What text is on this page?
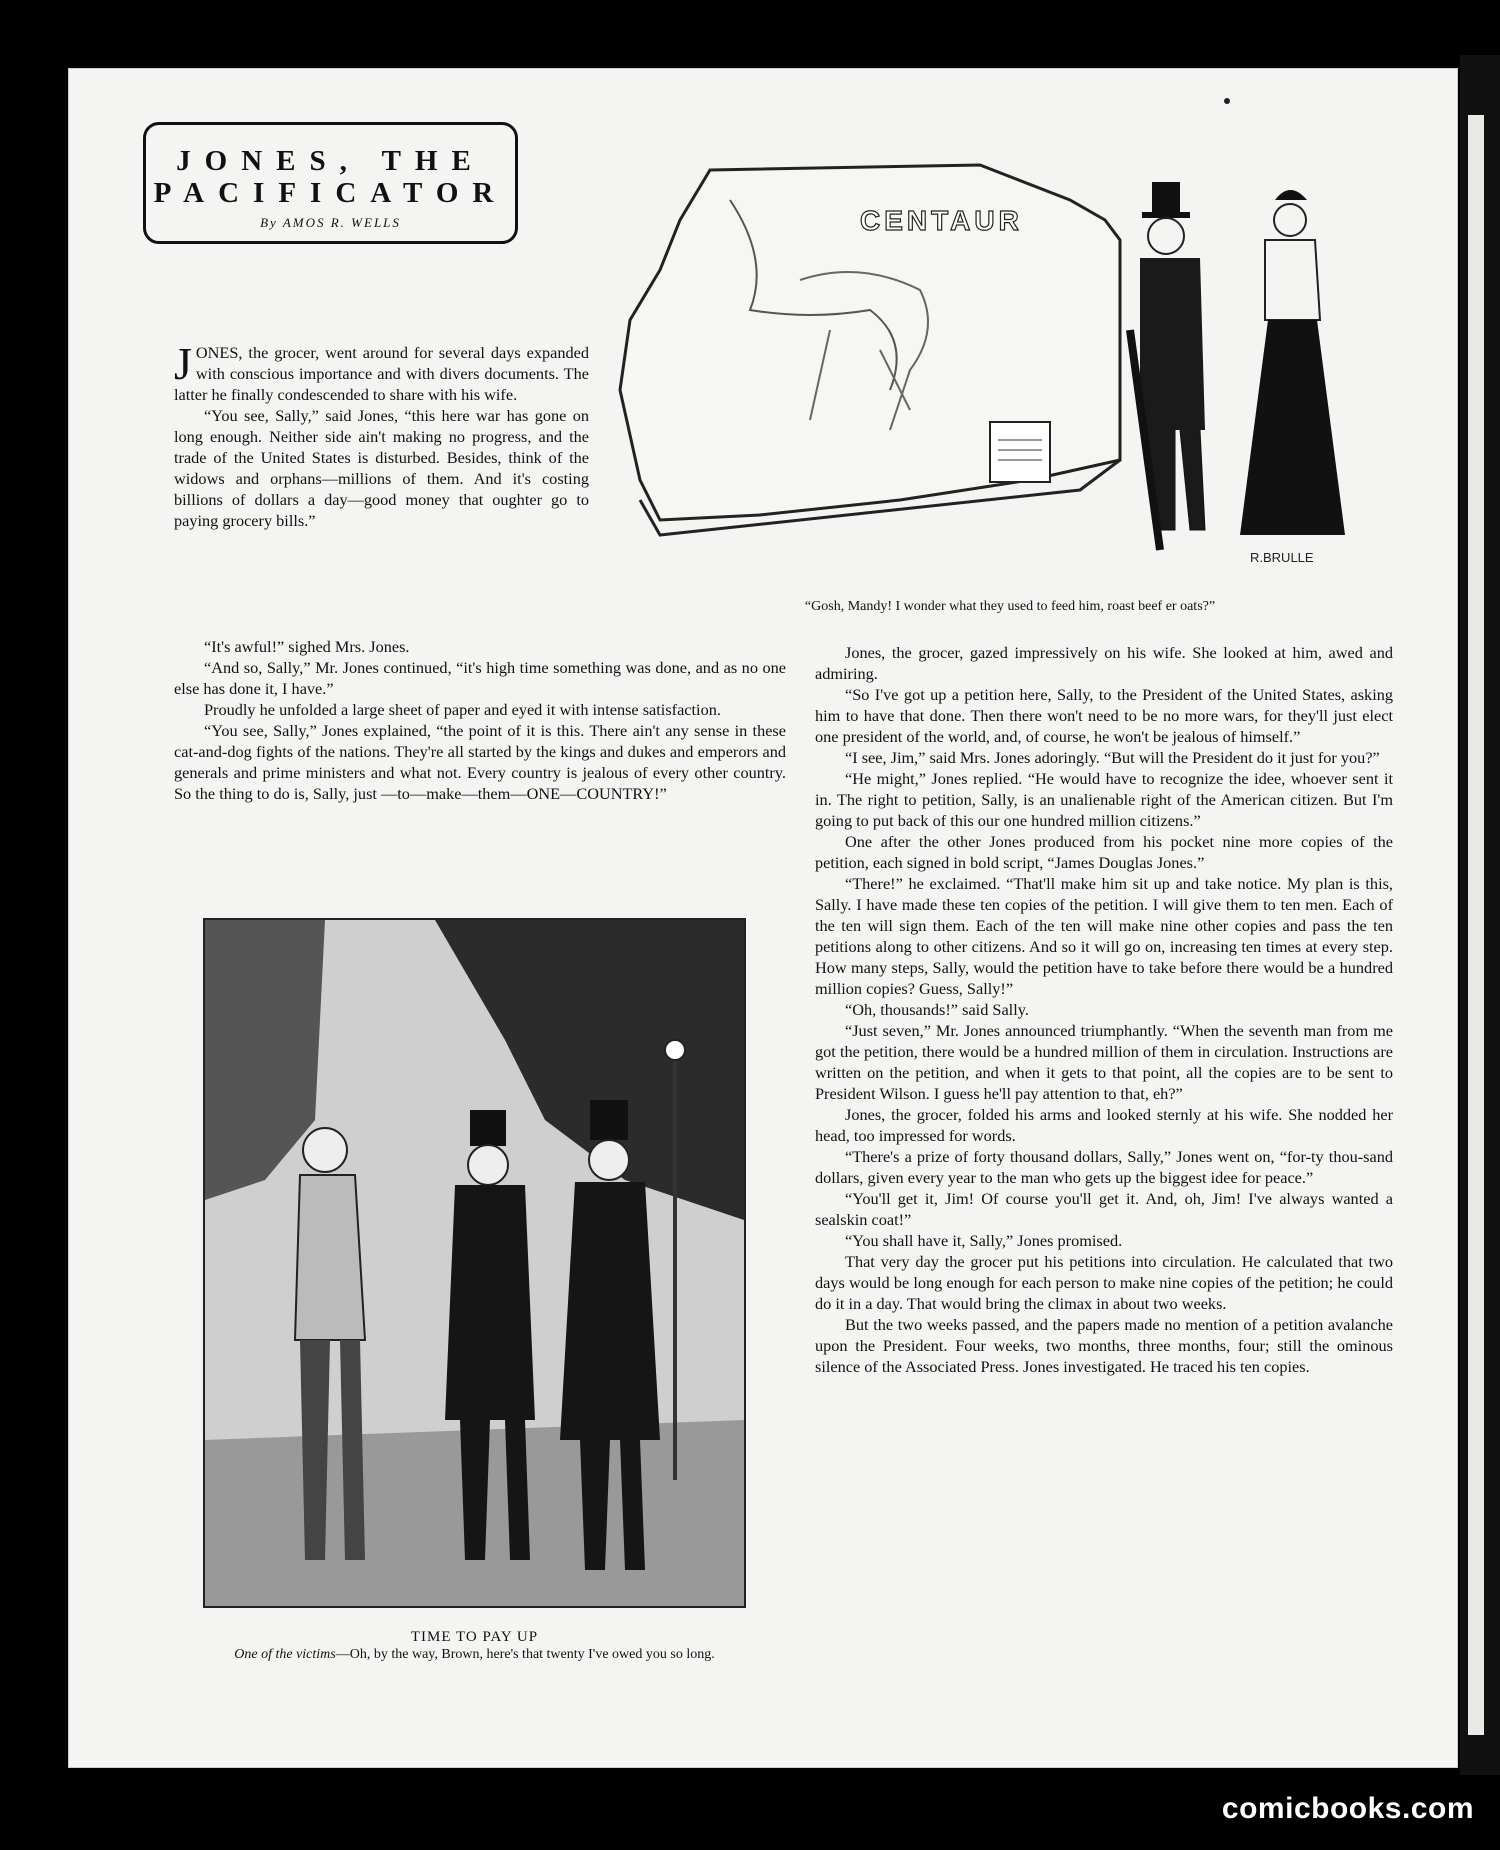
JONES, THE
PACIFICATOR
By AMOS R. WELLS

JONES, the grocer, went around for several days expanded with conscious importance and with divers documents. The latter he finally condescended to share with his wife.

“You see, Sally,” said Jones, “this here war has gone on long enough. Neither side ain't making no progress, and the trade of the United States is disturbed. Besides, think of the widows and orphans—millions of them. And it's costing billions of dollars a day—good money that oughter go to paying grocery bills.”

“It's awful!” sighed Mrs. Jones.

“And so, Sally,” Mr. Jones continued, “it's high time something was done, and as no one else has done it, I have.”

Proudly he unfolded a large sheet of paper and eyed it with intense satisfaction.

“You see, Sally,” Jones explained, “the point of it is this. There ain't any sense in these cat-and-dog fights of the nations. They're all started by the kings and dukes and emperors and generals and prime ministers and what not. Every country is jealous of every other country. So the thing to do is, Sally, just —to—make—them—ONE—COUNTRY!”

Jones, the grocer, gazed impressively on his wife. She looked at him, awed and admiring.

“So I've got up a petition here, Sally, to the President of the United States, asking him to have that done. Then there won't need to be no more wars, for they'll just elect one president of the world, and, of course, he won't be jealous of himself.”

“I see, Jim,” said Mrs. Jones adoringly. “But will the President do it just for you?”

“He might,” Jones replied. “He would have to recognize the idee, whoever sent it in. The right to petition, Sally, is an unalienable right of the American citizen. But I'm going to put back of this our one hundred million citizens.”

One after the other Jones produced from his pocket nine more copies of the petition, each signed in bold script, “James Douglas Jones.”

“There!” he exclaimed. “That'll make him sit up and take notice. My plan is this, Sally. I have made these ten copies of the petition. I will give them to ten men. Each of the ten will sign them. Each of the ten will make nine other copies and pass the ten petitions along to other citizens. And so it will go on, increasing ten times at every step. How many steps, Sally, would the petition have to take before there would be a hundred million copies? Guess, Sally!”

“Oh, thousands!” said Sally.

“Just seven,” Mr. Jones announced triumphantly. “When the seventh man from me got the petition, there would be a hundred million of them in circulation. Instructions are written on the petition, and when it gets to that point, all the copies are to be sent to President Wilson. I guess he'll pay attention to that, eh?”

Jones, the grocer, folded his arms and looked sternly at his wife. She nodded her head, too impressed for words.

“There's a prize of forty thousand dollars, Sally,” Jones went on, “for-ty thou-sand dollars, given every year to the man who gets up the biggest idee for peace.”

“You'll get it, Jim! Of course you'll get it. And, oh, Jim! I've always wanted a sealskin coat!”

“You shall have it, Sally,” Jones promised.

That very day the grocer put his petitions into circulation. He calculated that two days would be long enough for each person to make nine copies of the petition; he could do it in a day. That would bring the climax in about two weeks.

But the two weeks passed, and the papers made no mention of a petition avalanche upon the President. Four weeks, two months, three months, four; still the ominous silence of the Associated Press. Jones investigated. He traced his ten copies.

CENTAUR
R.BRULLE
“Gosh, Mandy! I wonder what they used to feed him, roast beef er oats?”
TIME TO PAY UP
One of the victims—Oh, by the way, Brown, here's that twenty I've owed you so long.
comicbooks.com
